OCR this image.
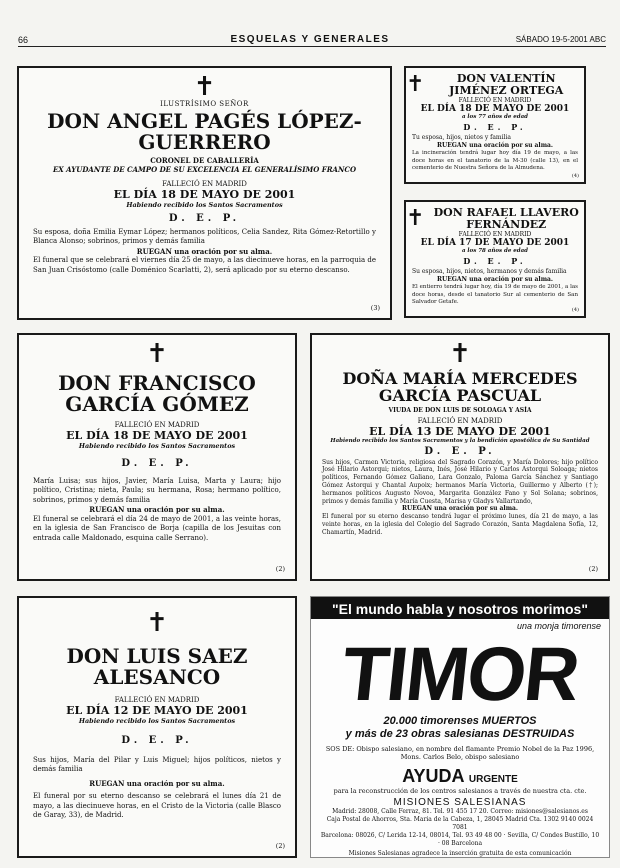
66	ESQUELAS Y GENERALES	SÁBADO 19-5-2001 ABC
✝
ILUSTRÍSIMO SEÑOR
DON ANGEL PAGÉS LÓPEZ-GUERRERO
CORONEL DE CABALLERÍA
EX AYUDANTE DE CAMPO DE SU EXCELENCIA EL GENERALÍSIMO FRANCO
FALLECIÓ EN MADRID
EL DÍA 18 DE MAYO DE 2001
Habiendo recibido los Santos Sacramentos
D. E. P.
Su esposa, doña Emilia Eymar López; hermanos políticos, Celia Sandez, Rita Gómez-Retortillo y Blanca Alonso; sobrinos, primos y demás familia
RUEGAN una oración por su alma.
El funeral que se celebrará el viernes día 25 de mayo, a las diecinueve horas, en la parroquia de San Juan Crisóstomo (calle Doménico Scarlatti, 2), será aplicado por su eterno descanso.
(3)
✝	DON VALENTÍN JIMÉNEZ ORTEGA
FALLECIÓ EN MADRID
EL DÍA 18 DE MAYO DE 2001
a los 77 años de edad
D. E. P.
Tu esposa, hijos, nietos y familia
RUEGAN una oración por su alma.
La incineración tendrá lugar hoy día 19 de mayo, a las doce horas en el tanatorio de la M-30 (calle 13), en el cementerio de Nuestra Señora de la Almudena.
(4)
✝ DON RAFAEL LLAVERO FERNÁNDEZ
FALLECIÓ EN MADRID
EL DÍA 17 DE MAYO DE 2001
a los 78 años de edad
D. E. P.
Su esposa, hijos, nietos, hermanos y demás familia
RUEGAN una oración por su alma.
El entierro tendrá lugar hoy, día 19 de mayo de 2001, a las doce horas, desde el tanatorio Sur al cementerio de San Salvador Getafe.
(4)
✝
DON FRANCISCO GARCÍA GÓMEZ
FALLECIÓ EN MADRID
EL DÍA 18 DE MAYO DE 2001
Habiendo recibido los Santos Sacramentos
D. E. P.
María Luisa; sus hijos, Javier, María Luisa, Marta y Laura; hijo político, Cristina; nieta, Paula; su hermana, Rosa; hermano político, sobrinos, primos y demás familia
RUEGAN una oración por su alma.
El funeral se celebrará el día 24 de mayo de 2001, a las veinte horas, en la iglesia de San Francisco de Borja (capilla de los Jesuitas con entrada calle Maldonado, esquina calle Serrano).
(2)
✝
DOÑA MARÍA MERCEDES GARCÍA PASCUAL
VIUDA DE DON LUIS DE SOLOAGA Y ASÍA
FALLECIÓ EN MADRID
EL DÍA 13 DE MAYO DE 2001
Habiendo recibido los Santos Sacramentos y la bendición apostólica de Su Santidad
D. E. P.
Sus hijos, Carmen Victoria, religiosa del Sagrado Corazón, y María Dolores; hijo político José Hilario Astorqui; nietos, Laura, Inés, José Hilario y Carlos Astorqui Soloaga; nietos políticos, Fernando Gómez Galiano, Lara Gonzalo, Paloma García Sánchez y Santiago Gómez Astorqui y Chantal Aupoix; hermanos María Victoria, Guillermo y Alberto (†); hermanos políticos Augusto Novoa, Margarita González Fano y Sol Solana; sobrinos, primos y demás familia y María Cuesta, Marisa y Gladys Vallartando,
RUEGAN una oración por su alma.
El funeral por su eterno descanso tendrá lugar el próximo lunes, día 21 de mayo, a las veinte horas, en la iglesia del Colegio del Sagrado Corazón, Santa Magdalena Sofía, 12, Chamartín, Madrid.
(2)
✝
DON LUIS SAEZ ALESANCO
FALLECIÓ EN MADRID
EL DÍA 12 DE MAYO DE 2001
Habiendo recibido los Santos Sacramentos
D. E. P.
Sus hijos, María del Pilar y Luis Miguel; hijos políticos, nietos y demás familia
RUEGAN una oración por su alma.
El funeral por su eterno descanso se celebrará el lunes día 21 de mayo, a las diecinueve horas, en el Cristo de la Victoria (calle Blasco de Garay, 33), de Madrid.
(2)
"El mundo habla y nosotros morimos"
una monja timorense
TIMOR
20.000 timorenses MUERTOS
y más de 23 obras salesianas DESTRUIDAS
SOS DE: Obispo salesiano, en nombre del flamante Premio Nobel de la Paz 1996, Mons. Carlos Belo, obispo salesiano
AYUDA URGENTE
para la reconstrucción de los centros salesianos a través de nuestra cta. cte.
MISIONES SALESIANAS
Madrid: 28008, Calle Ferraz, 81. Tel. 91 455 17 20. Correo: misiones@salesianos.es
Caja Postal de Ahorros, Sta. Maria de la Cabeza, 1, 28045 Madrid Cta. 1302 9140 0024 7081
Barcelona: 08026, C/ Lerida 12-14, 08014, Tel. 93 49 48 00 · Sevilla, C/ Condes Bustillo, 10 · 08 Barcelona
Misiones Salesianas agradece la inserción gratuita de esta comunicación
